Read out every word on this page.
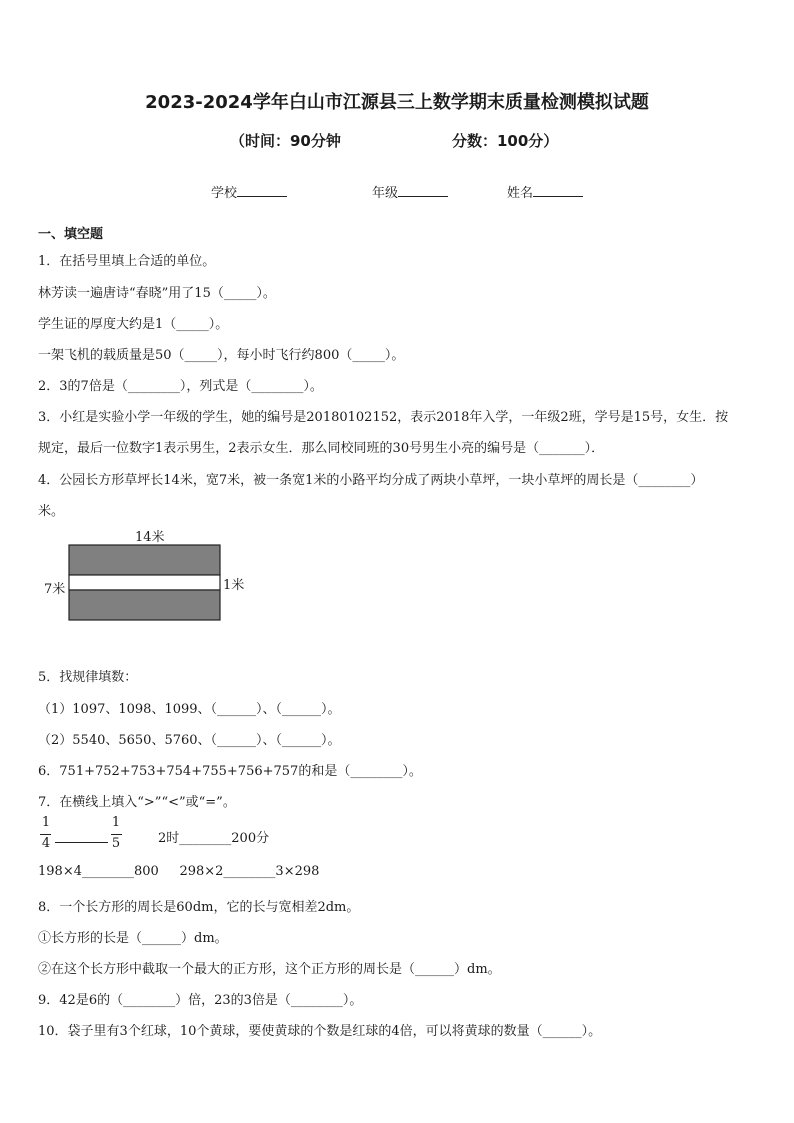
2023-2024学年白山市江源县三上数学期末质量检测模拟试题
（时间：90分钟	分数：100分）
学校	年级	姓名
一、填空题
1．在括号里填上合适的单位。
林芳读一遍唐诗“春晓”用了15（_____）。
学生证的厚度大约是1（_____）。
一架飞机的载质量是50（_____），每小时飞行约800（_____）。
2．3的7倍是（________），列式是（________）。
3．小红是实验小学一年级的学生，她的编号是20180102152，表示2018年入学，一年级2班，学号是15号，女生．按
规定，最后一位数字1表示男生，2表示女生．那么同校同班的30号男生小亮的编号是（_______）．
4．公园长方形草坪长14米，宽7米，被一条宽1米的小路平均分成了两块小草坪，一块小草坪的周长是（________）
米。
14米
7米	1米
5．找规律填数：
（1）1097、1098、1099、（______）、（______）。
（2）5540、5650、5760、（______）、（______）。
6．751+752+753+754+755+756+757的和是（________）。
7．在横线上填入“>”“<”或“=”。
1
4
1
5	2时________200分
198×4________800     298×2________3×298
8．一个长方形的周长是60dm，它的长与宽相差2dm。
①长方形的长是（______）dm。
②在这个长方形中截取一个最大的正方形，这个正方形的周长是（______）dm。
9．42是6的（________）倍，23的3倍是（________）。
10．袋子里有3个红球，10个黄球，要使黄球的个数是红球的4倍，可以将黄球的数量（______）。
